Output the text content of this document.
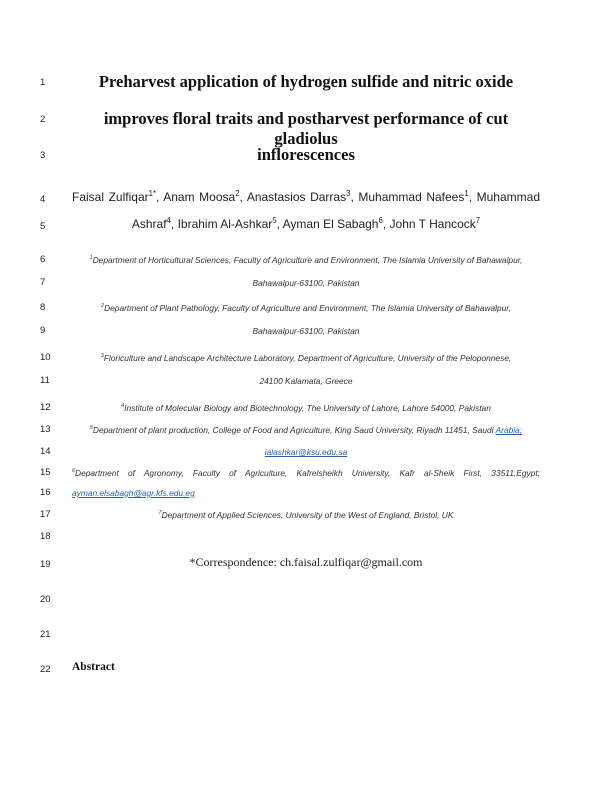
1
2
3
4
5
6
7
8
9
10
11
12
13
14
15
16
17
18
19
20
21
22
Preharvest application of hydrogen sulfide and nitric oxide
improves floral traits and postharvest performance of cut gladiolus
inflorescences
Faisal Zulfiqar$^{1*}$, Anam Moosa$^2$, Anastasios Darras$^3$, Muhammad Nafees$^1$, Muhammad
Ashraf$^4$, Ibrahim Al-Ashkar$^5$, Ayman El Sabagh$^6$, John T Hancock$^7$
$^1$Department of Horticultural Sciences, Faculty of Agriculture and Environment, The Islamia University of Bahawalpur,
Bahawalpur-63100, Pakistan
$^2$Department of Plant Pathology, Faculty of Agriculture and Environment, The Islamia University of Bahawalpur,
Bahawalpur-63100, Pakistan
$^3$Floriculture and Landscape Architecture Laboratory, Department of Agriculture, University of the Peloponnese,
24100 Kalamata, Greece
$^4$Institute of Molecular Biology and Biotechnology, The University of Lahore, Lahore 54000, Pakistan
$^5$Department of plant production, College of Food and Agriculture, King Saud University, Riyadh 11451, Saudi Arabia;
ialashkar@ksu.edu.sa
$^6$Department of Agronomy, Faculty of Agriculture, Kafrelsheikh University, Kafr al-Sheik First, 33511,Egypt;
ayman.elsabagh@agr.kfs.edu.eg
$^7$Department of Applied Sciences, University of the West of England, Bristol, UK
*Correspondence: ch.faisal.zulfiqar@gmail.com
Abstract
